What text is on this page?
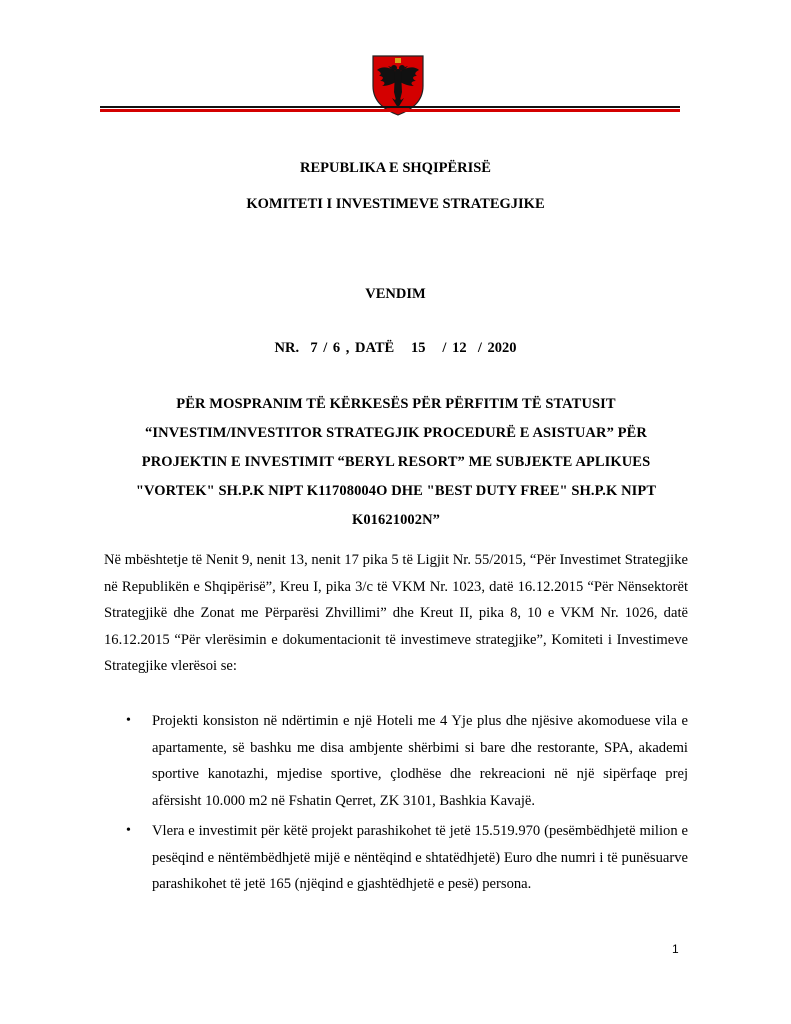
REPUBLIKA E SHQIPËRISË
KOMITETI I INVESTIMEVE STRATEGJIKE
VENDIM
NR.  7 / 6 , DATË   15   / 12  / 2020
PËR MOSPRANIM TË KËRKESËS PËR PËRFITIM TË STATUSIT
“INVESTIM/INVESTITOR STRATEGJIK PROCEDURË E ASISTUAR” PËR
PROJEKTIN E INVESTIMIT “BERYL RESORT” ME SUBJEKTE APLIKUES
"VORTEK" SH.P.K NIPT K11708004O DHE "BEST DUTY FREE" SH.P.K NIPT
K01621002N”
Në mbështetje të Nenit 9, nenit 13, nenit 17 pika 5 të Ligjit Nr. 55/2015, “Për Investimet Strategjike në Republikën e Shqipërisë”, Kreu I, pika 3/c të VKM Nr. 1023, datë 16.12.2015 “Për Nënsektorët Strategjikë dhe Zonat me Përparësi Zhvillimi” dhe Kreut II, pika 8, 10 e VKM Nr. 1026, datë 16.12.2015 “Për vlerësimin e dokumentacionit të investimeve strategjike”, Komiteti i Investimeve Strategjike vlerësoi se:
• Projekti konsiston në ndërtimin e një Hoteli me 4 Yje plus dhe njësive akomoduese vila e apartamente, së bashku me disa ambjente shërbimi si bare dhe restorante, SPA, akademi sportive kanotazhi, mjedise sportive, çlodhëse dhe rekreacioni në një sipërfaqe prej afërsisht 10.000 m2 në Fshatin Qerret, ZK 3101, Bashkia Kavajë.
• Vlera e investimit për këtë projekt parashikohet të jetë 15.519.970 (pesëmbëdhjetë milion e pesëqind e nëntëmbëdhjetë mijë e nëntëqind e shtatëdhjetë) Euro dhe numri i të punësuarve parashikohet të jetë 165 (njëqind e gjashtëdhjetë e pesë) persona.
1
